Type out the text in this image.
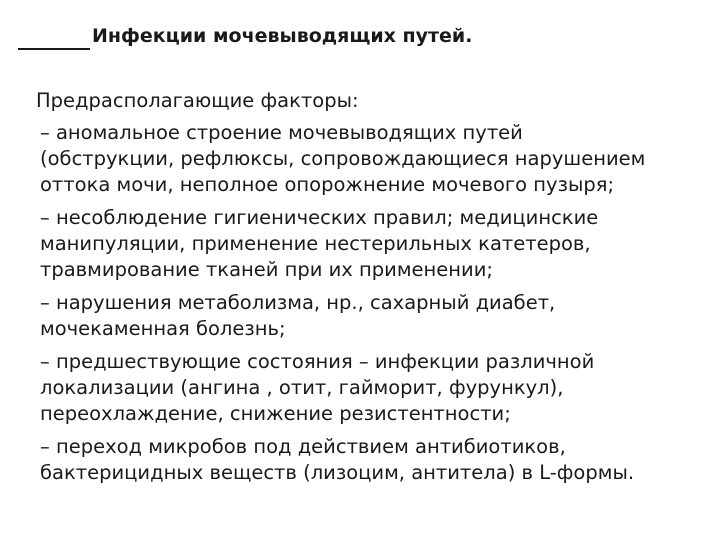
Инфекции мочевыводящих путей.
Предрасполагающие факторы:
– аномальное строение мочевыводящих путей
(обструкции, рефлюксы, сопровождающиеся нарушением
оттока мочи, неполное опорожнение мочевого пузыря;
– несоблюдение гигиенических правил; медицинские
манипуляции, применение нестерильных катетеров,
травмирование тканей при их применении;
– нарушения метаболизма, нр., сахарный диабет,
мочекаменная болезнь;
– предшествующие состояния – инфекции различной
локализации (ангина , отит, гайморит, фурункул),
переохлаждение, снижение резистентности;
– переход микробов под действием антибиотиков,
бактерицидных веществ (лизоцим, антитела) в L-формы.
